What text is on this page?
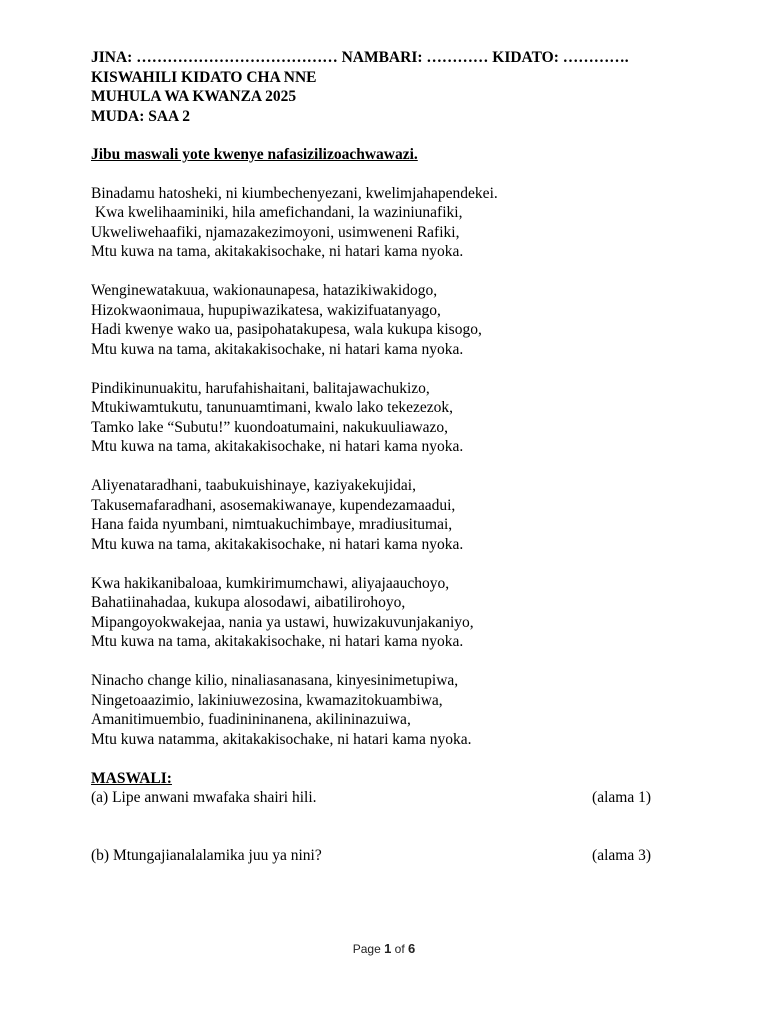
JINA: ………………………………… NAMBARI: ………… KIDATO: ………….
KISWAHILI KIDATO CHA NNE
MUHULA WA KWANZA 2025
MUDA: SAA 2
Jibu maswali yote kwenye nafasizilizoachwawazi.
Binadamu hatosheki, ni kiumbechenyezani, kwelimjahapendekei.
Kwa kwelihaaminiki, hila amefichandani, la waziniunafiki,
Ukweliwehaafiki, njamazakezimoyoni, usimweneni Rafiki,
Mtu kuwa na tama, akitakakisochake, ni hatari kama nyoka.
Wenginewatakuua, wakionaunapesa, hatazikiwakidogo,
Hizokwaonimaua, hupupiwazikatesa, wakizifuatanyago,
Hadi kwenye wako ua, pasipohatakupesa, wala kukupa kisogo,
Mtu kuwa na tama, akitakakisochake, ni hatari kama nyoka.
Pindikinunuakitu, harufahishaitani, balitajawachukizo,
Mtukiwamtukutu, tanunuamtimani, kwalo lako tekezezok,
Tamko lake “Subutu!” kuondoatumaini, nakukuuliawazo,
Mtu kuwa na tama, akitakakisochake, ni hatari kama nyoka.
Aliyenataradhani, taabukuishinaye, kaziyakekujidai,
Takusemafaradhani, asosemakiwanaye, kupendezamaadui,
Hana faida nyumbani, nimtuakuchimbaye, mradiusitumai,
Mtu kuwa na tama, akitakakisochake, ni hatari kama nyoka.
Kwa hakikanibaloaa, kumkirimumchawi, aliyajaauchoyo,
Bahatiinahadaa, kukupa alosodawi, aibatilirohoyo,
Mipangoyokwakejaa, nania ya ustawi, huwizakuvunjakaniyo,
Mtu kuwa na tama, akitakakisochake, ni hatari kama nyoka.
Ninacho change kilio, ninaliasanasana, kinyesinimetupiwa,
Ningetoaazimio, lakiniuwezosina, kwamazitokuambiwa,
Amanitimuembio, fuadinininanena, akilininazuiwa,
Mtu kuwa natamma, akitakakisochake, ni hatari kama nyoka.
MASWALI:
(a) Lipe anwani mwafaka shairi hili.	(alama 1)
(b) Mtungajianalalamika juu ya nini?	(alama 3)
Page 1 of 6
